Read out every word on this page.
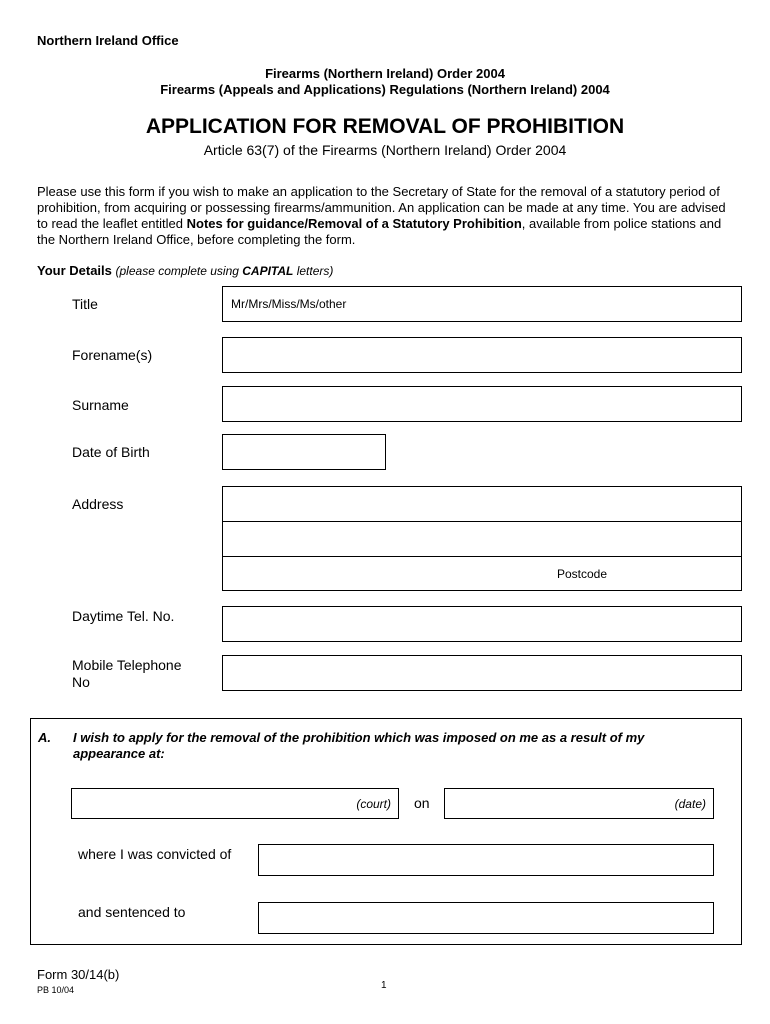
Northern Ireland Office
Firearms (Northern Ireland) Order 2004
Firearms (Appeals and Applications) Regulations (Northern Ireland) 2004
APPLICATION FOR REMOVAL OF PROHIBITION
Article 63(7) of the Firearms (Northern Ireland) Order 2004
Please use this form if you wish to make an application to the Secretary of State for the removal of a statutory period of prohibition, from acquiring or possessing firearms/ammunition. An application can be made at any time. You are advised to read the leaflet entitled Notes for guidance/Removal of a Statutory Prohibition, available from police stations and the Northern Ireland Office, before completing the form.
Your Details (please complete using CAPITAL letters)
Title	Mr/Mrs/Miss/Ms/other
Forename(s)
Surname
Date of Birth
Address
Postcode
Daytime Tel. No.
Mobile Telephone
No
A. I wish to apply for the removal of the prohibition which was imposed on me as a result of my appearance at:
(court) on	(date)
where I was convicted of
and sentenced to
Form 30/14(b)
PB 10/04	1
